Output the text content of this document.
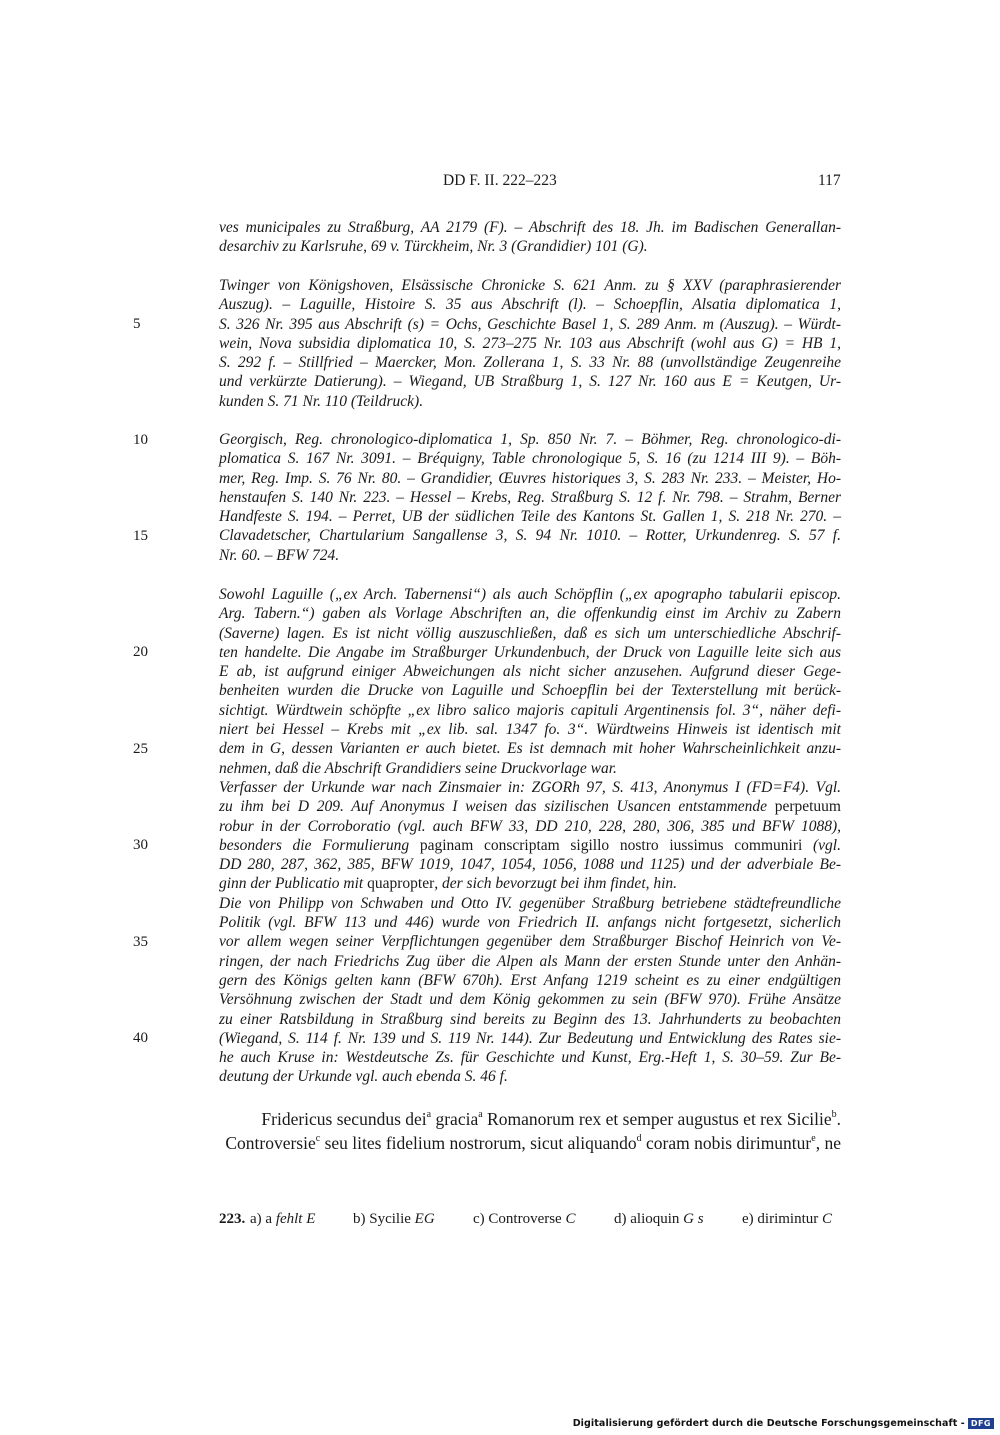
DD F. II. 222–223	117
5
10
15
20
25
30
35
40
ves municipales zu Straßburg, AA 2179 (F). – Abschrift des 18. Jh. im Badischen Generallan-
desarchiv zu Karlsruhe, 69 v. Türckheim, Nr. 3 (Grandidier) 101 (G).
Twinger von Königshoven, Elsässische Chronicke S. 621 Anm. zu § XXV (paraphrasierender
Auszug). – Laguille, Histoire S. 35 aus Abschrift (l). – Schoepflin, Alsatia diplomatica 1,
S. 326 Nr. 395 aus Abschrift (s) = Ochs, Geschichte Basel 1, S. 289 Anm. m (Auszug). – Würdt-
wein, Nova subsidia diplomatica 10, S. 273–275 Nr. 103 aus Abschrift (wohl aus G) = HB 1,
S. 292 f. – Stillfried – Maercker, Mon. Zollerana 1, S. 33 Nr. 88 (unvollständige Zeugenreihe
und verkürzte Datierung). – Wiegand, UB Straßburg 1, S. 127 Nr. 160 aus E = Keutgen, Ur-
kunden S. 71 Nr. 110 (Teildruck).
Georgisch, Reg. chronologico-diplomatica 1, Sp. 850 Nr. 7. – Böhmer, Reg. chronologico-di-
plomatica S. 167 Nr. 3091. – Bréquigny, Table chronologique 5, S. 16 (zu 1214 III 9). – Böh-
mer, Reg. Imp. S. 76 Nr. 80. – Grandidier, Œuvres historiques 3, S. 283 Nr. 233. – Meister, Ho-
henstaufen S. 140 Nr. 223. – Hessel – Krebs, Reg. Straßburg S. 12 f. Nr. 798. – Strahm, Berner
Handfeste S. 194. – Perret, UB der südlichen Teile des Kantons St. Gallen 1, S. 218 Nr. 270. –
Clavadetscher, Chartularium Sangallense 3, S. 94 Nr. 1010. – Rotter, Urkundenreg. S. 57 f.
Nr. 60. – BFW 724.
Sowohl Laguille („ex Arch. Tabernensi“) als auch Schöpflin („ex apographo tabularii episcop.
Arg. Tabern.“) gaben als Vorlage Abschriften an, die offenkundig einst im Archiv zu Zabern
(Saverne) lagen. Es ist nicht völlig auszuschließen, daß es sich um unterschiedliche Abschrif-
ten handelte. Die Angabe im Straßburger Urkundenbuch, der Druck von Laguille leite sich aus
E ab, ist aufgrund einiger Abweichungen als nicht sicher anzusehen. Aufgrund dieser Gege-
benheiten wurden die Drucke von Laguille und Schoepflin bei der Texterstellung mit berück-
sichtigt. Würdtwein schöpfte „ex libro salico majoris capituli Argentinensis fol. 3“, näher defi-
niert bei Hessel – Krebs mit „ex lib. sal. 1347 fo. 3“. Würdtweins Hinweis ist identisch mit
dem in G, dessen Varianten er auch bietet. Es ist demnach mit hoher Wahrscheinlichkeit anzu-
nehmen, daß die Abschrift Grandidiers seine Druckvorlage war.
Verfasser der Urkunde war nach Zinsmaier in: ZGORh 97, S. 413, Anonymus I (FD=F4). Vgl.
zu ihm bei D 209. Auf Anonymus I weisen das sizilischen Usancen entstammende perpetuum
robur in der Corroboratio (vgl. auch BFW 33, DD 210, 228, 280, 306, 385 und BFW 1088),
besonders die Formulierung paginam conscriptam sigillo nostro iussimus communiri (vgl.
DD 280, 287, 362, 385, BFW 1019, 1047, 1054, 1056, 1088 und 1125) und der adverbiale Be-
ginn der Publicatio mit quapropter, der sich bevorzugt bei ihm findet, hin.
Die von Philipp von Schwaben und Otto IV. gegenüber Straßburg betriebene städtefreundliche
Politik (vgl. BFW 113 und 446) wurde von Friedrich II. anfangs nicht fortgesetzt, sicherlich
vor allem wegen seiner Verpflichtungen gegenüber dem Straßburger Bischof Heinrich von Ve-
ringen, der nach Friedrichs Zug über die Alpen als Mann der ersten Stunde unter den Anhän-
gern des Königs gelten kann (BFW 670h). Erst Anfang 1219 scheint es zu einer endgültigen
Versöhnung zwischen der Stadt und dem König gekommen zu sein (BFW 970). Frühe Ansätze
zu einer Ratsbildung in Straßburg sind bereits zu Beginn des 13. Jahrhunderts zu beobachten
(Wiegand, S. 114 f. Nr. 139 und S. 119 Nr. 144). Zur Bedeutung und Entwicklung des Rates sie-
he auch Kruse in: Westdeutsche Zs. für Geschichte und Kunst, Erg.-Heft 1, S. 30–59. Zur Be-
deutung der Urkunde vgl. auch ebenda S. 46 f.
Fridericus secundus dei$^a$ gracia$^a$ Romanorum rex et semper augustus et rex Sicilie$^b$.
Controversie$^c$ seu lites fidelium nostrorum, sicut aliquando$^d$ coram nobis dirimuntur$^e$, ne
223. a) a fehlt E	b) Sycilie EG	c) Controverse C	d) alioquin G s	e) dirimintur C
Digitalisierung gefördert durch die Deutsche Forschungsgemeinschaft - DFG
